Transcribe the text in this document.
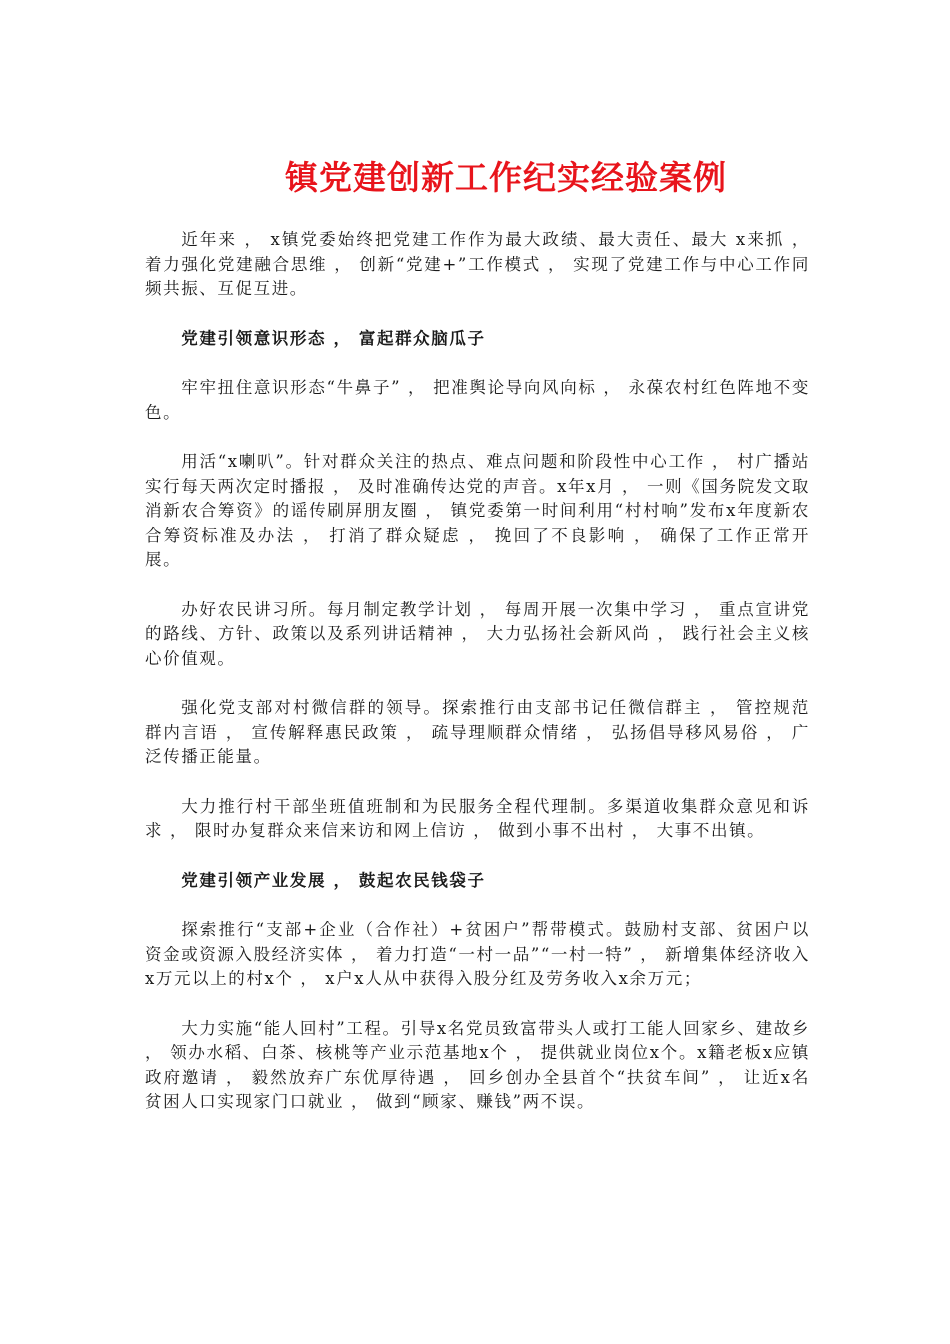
镇党建创新工作纪实经验案例

近年来 ， x镇党委始终把党建工作作为最大政绩、最大责任、最大 x来抓 ， 着力强化党建融合思维 ， 创新“党建+”工作模式 ， 实现了党建工作与中心工作同频共振、互促互进。

党建引领意识形态 ， 富起群众脑瓜子

牢牢扭住意识形态“牛鼻子” ， 把准舆论导向风向标 ， 永葆农村红色阵地不变色。

用活“x喇叭”。针对群众关注的热点、难点问题和阶段性中心工作 ， 村广播站实行每天两次定时播报 ， 及时准确传达党的声音。x年x月 ， 一则《国务院发文取消新农合筹资》的谣传刷屏朋友圈 ， 镇党委第一时间利用“村村响”发布x年度新农合筹资标准及办法 ， 打消了群众疑虑 ， 挽回了不良影响 ， 确保了工作正常开展。

办好农民讲习所。每月制定教学计划 ， 每周开展一次集中学习 ， 重点宣讲党的路线、方针、政策以及系列讲话精神 ， 大力弘扬社会新风尚 ， 践行社会主义核心价值观。

强化党支部对村微信群的领导。探索推行由支部书记任微信群主 ， 管控规范群内言语 ， 宣传解释惠民政策 ， 疏导理顺群众情绪 ， 弘扬倡导移风易俗 ， 广泛传播正能量。

大力推行村干部坐班值班制和为民服务全程代理制。多渠道收集群众意见和诉求 ， 限时办复群众来信来访和网上信访 ， 做到小事不出村 ， 大事不出镇。

党建引领产业发展 ， 鼓起农民钱袋子

探索推行“支部+企业（合作社）+贫困户”帮带模式。鼓励村支部、贫困户以资金或资源入股经济实体 ， 着力打造“一村一品”“一村一特” ， 新增集体经济收入x万元以上的村x个 ， x户x人从中获得入股分红及劳务收入x余万元；

大力实施“能人回村”工程。引导x名党员致富带头人或打工能人回家乡、建故乡 ， 领办水稻、白茶、核桃等产业示范基地x个 ， 提供就业岗位x个。x籍老板x应镇政府邀请 ， 毅然放弃广东优厚待遇 ， 回乡创办全县首个“扶贫车间” ， 让近x名贫困人口实现家门口就业 ， 做到“顾家、赚钱”两不误。
